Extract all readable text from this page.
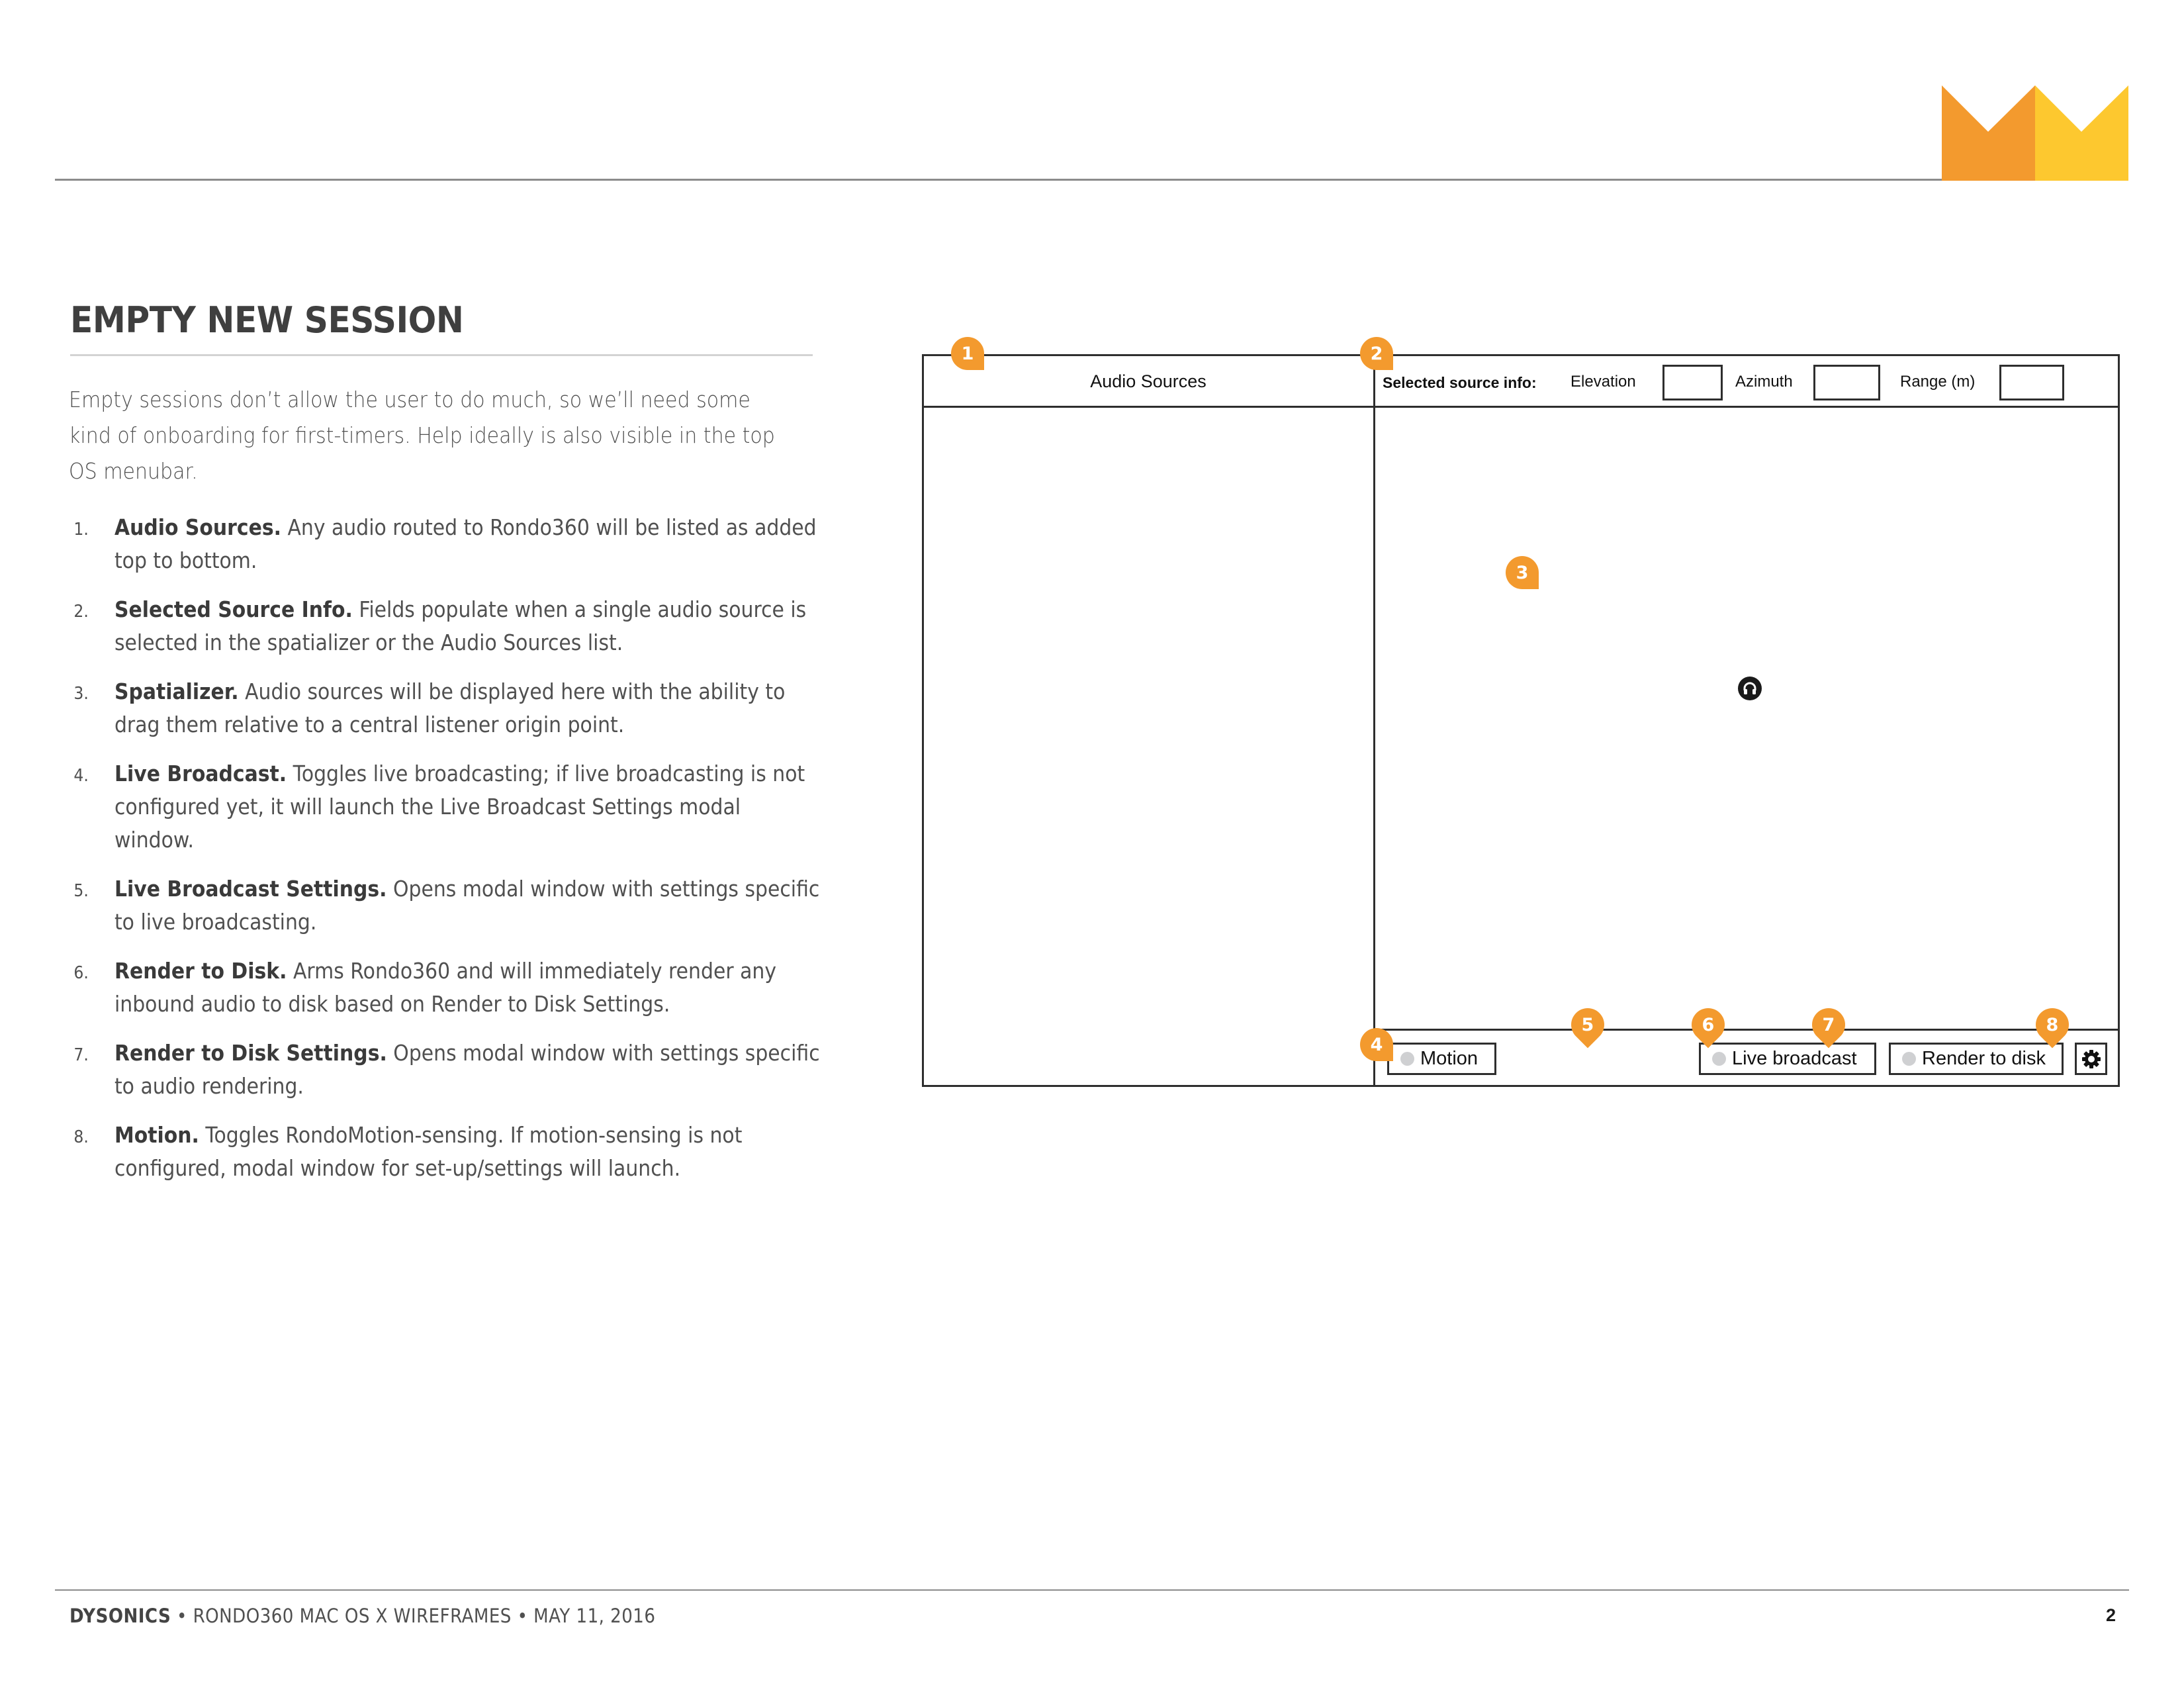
EMPTY NEW SESSION
Empty sessions don’t allow the user to do much, so we’ll need some kind of onboarding for first-timers. Help ideally is also visible in the top OS menubar.
1. Audio Sources. Any audio routed to Rondo360 will be listed as added top to bottom.
2. Selected Source Info. Fields populate when a single audio source is selected in the spatializer or the Audio Sources list.
3. Spatializer. Audio sources will be displayed here with the ability to drag them relative to a central listener origin point.
4. Live Broadcast. Toggles live broadcasting; if live broadcasting is not configured yet, it will launch the Live Broadcast Settings modal window.
5. Live Broadcast Settings. Opens modal window with settings specific to live broadcasting.
6. Render to Disk. Arms Rondo360 and will immediately render any inbound audio to disk based on Render to Disk Settings.
7. Render to Disk Settings. Opens modal window with settings specific to audio rendering.
8. Motion. Toggles RondoMotion-sensing. If motion-sensing is not configured, modal window for set-up/settings will launch.
Audio Sources	Selected source info: Elevation	Azimuth	Range (m)
Motion	Live broadcast	Render to disk
1	2
3
4
5	6	7	8
DYSONICS • RONDO360 MAC OS X WIREFRAMES • MAY 11, 2016	2
